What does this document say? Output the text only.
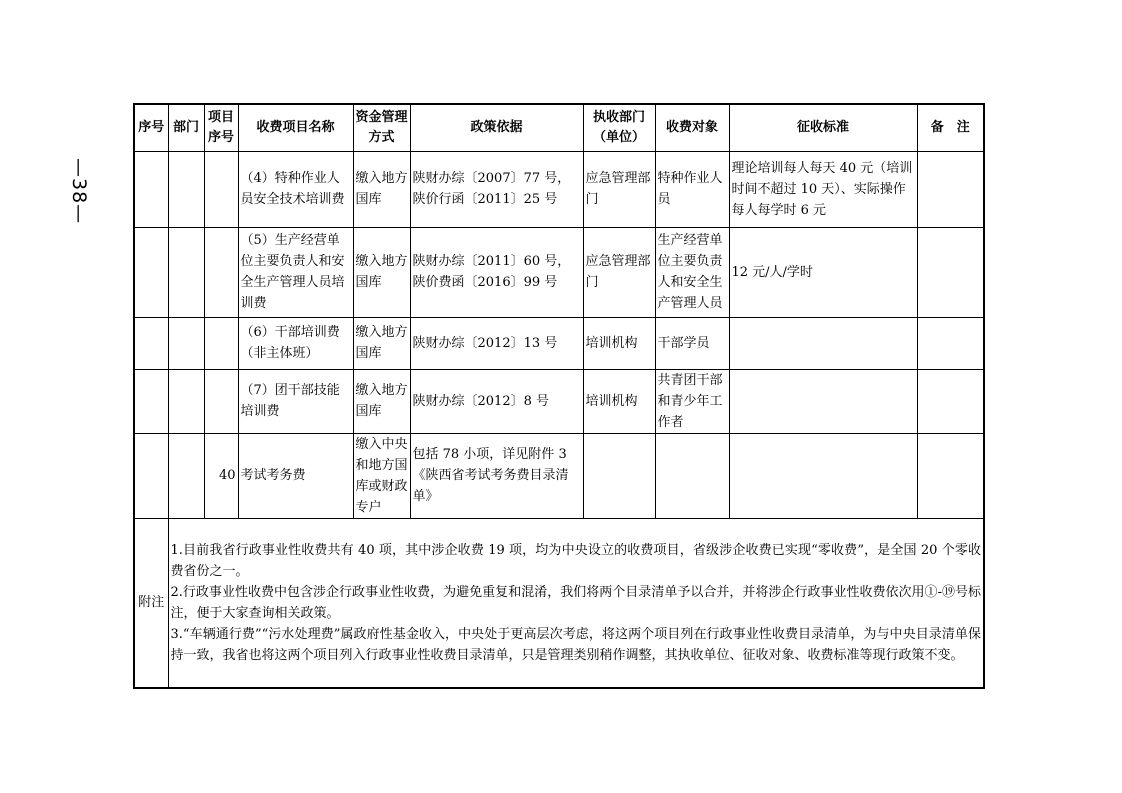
—38—
序号	部门	项目序号	收费项目名称	资金管理方式	政策依据	执收部门（单位）	收费对象	征收标准	备　注
			（4）特种作业人员安全技术培训费	缴入地方国库	陕财办综〔2007〕77 号，陕价行函〔2011〕25 号	应急管理部门	特种作业人员	理论培训每人每天 40 元（培训时间不超过 10 天）、实际操作每人每学时 6 元	
			（5）生产经营单位主要负责人和安全生产管理人员培训费	缴入地方国库	陕财办综〔2011〕60 号，陕价费函〔2016〕99 号	应急管理部门	生产经营单位主要负责人和安全生产管理人员	12 元/人/学时	
			（6）干部培训费（非主体班）	缴入地方国库	陕财办综〔2012〕13 号	培训机构	干部学员		
			（7）团干部技能培训费	缴入地方国库	陕财办综〔2012〕8 号	培训机构	共青团干部和青少年工作者		
		40	考试考务费	缴入中央和地方国库或财政专户	包括 78 小项，详见附件 3《陕西省考试考务费目录清单》				
附注	1.目前我省行政事业性收费共有 40 项，其中涉企收费 19 项，均为中央设立的收费项目，省级涉企收费已实现“零收费”，是全国 20 个零收费省份之一。
2.行政事业性收费中包含涉企行政事业性收费，为避免重复和混淆，我们将两个目录清单予以合并，并将涉企行政事业性收费依次用①-⑲号标注，便于大家查询相关政策。
3.“车辆通行费”“污水处理费”属政府性基金收入，中央处于更高层次考虑，将这两个项目列在行政事业性收费目录清单，为与中央目录清单保持一致，我省也将这两个项目列入行政事业性收费目录清单，只是管理类别稍作调整，其执收单位、征收对象、收费标准等现行政策不变。								
